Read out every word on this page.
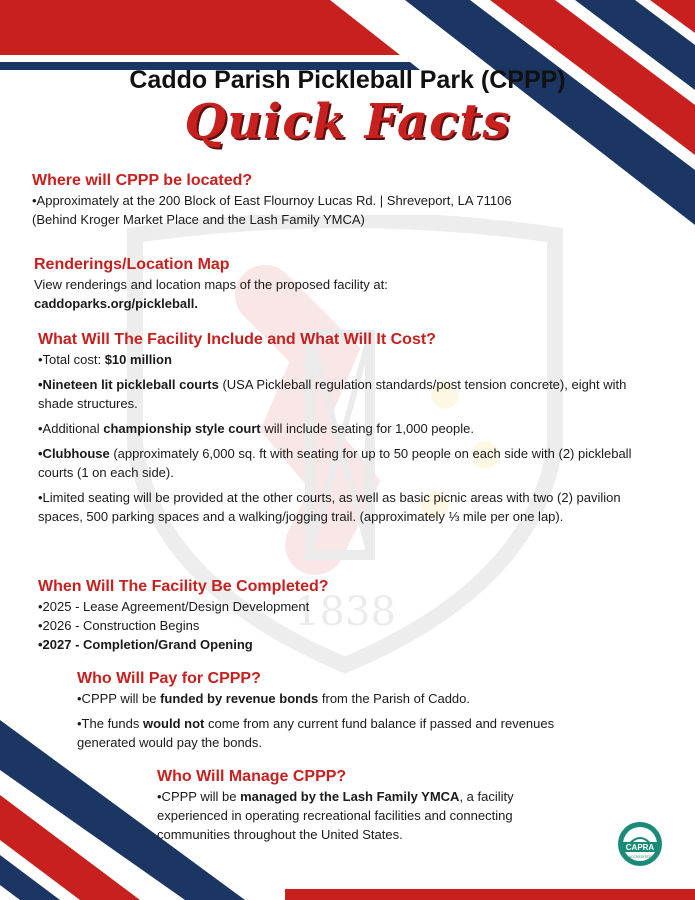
1838
Caddo Parish Pickleball Park (CPPP)
Quick Facts
Where will CPPP be located?

•Approximately at the 200 Block of East Flournoy Lucas Rd. | Shreveport, LA 71106

(Behind Kroger Market Place and the Lash Family YMCA)

Renderings/Location Map

View renderings and location maps of the proposed facility at:

caddoparks.org/pickleball.

What Will The Facility Include and What Will It Cost?

•Total cost: $10 million

•Nineteen lit pickleball courts (USA Pickleball regulation standards/post tension concrete), eight with shade structures.

•Additional championship style court will include seating for 1,000 people.

•Clubhouse (approximately 6,000 sq. ft with seating for up to 50 people on each side with (2) pickleball courts (1 on each side).

•Limited seating will be provided at the other courts, as well as basic picnic areas with two (2) pavilion spaces, 500 parking spaces and a walking/jogging trail. (approximately ⅓ mile per one lap).

When Will The Facility Be Completed?

•2025 - Lease Agreement/Design Development

•2026 - Construction Begins

•2027 - Completion/Grand Opening

Who Will Pay for CPPP?

•CPPP will be funded by revenue bonds from the Parish of Caddo.

•The funds would not come from any current fund balance if passed and revenues generated would pay the bonds.

Who Will Manage CPPP?

•CPPP will be managed by the Lash Family YMCA, a facility experienced in operating recreational facilities and connecting communities throughout the United States.

CAPRA
ACCREDITED
